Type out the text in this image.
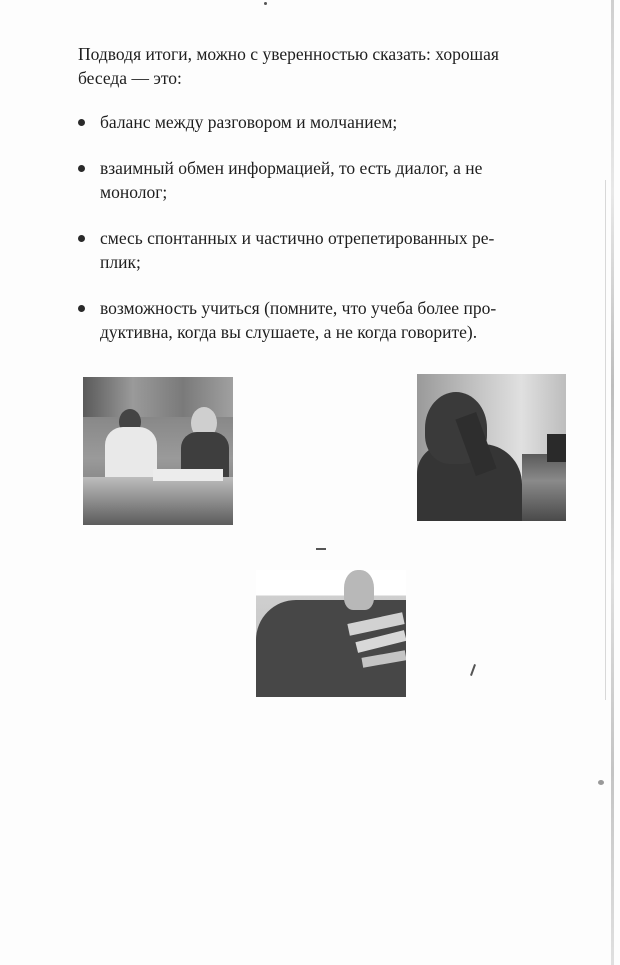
Подводя итоги, можно с уверенностью сказать: хорошая
беседа — это:

баланс между разговором и молчанием;
взаимный обмен информацией, то есть диалог, а не
монолог;
смесь спонтанных и частично отрепетированных ре-
плик;
возможность учиться (помните, что учеба более про-
дуктивна, когда вы слушаете, а не когда говорите).
